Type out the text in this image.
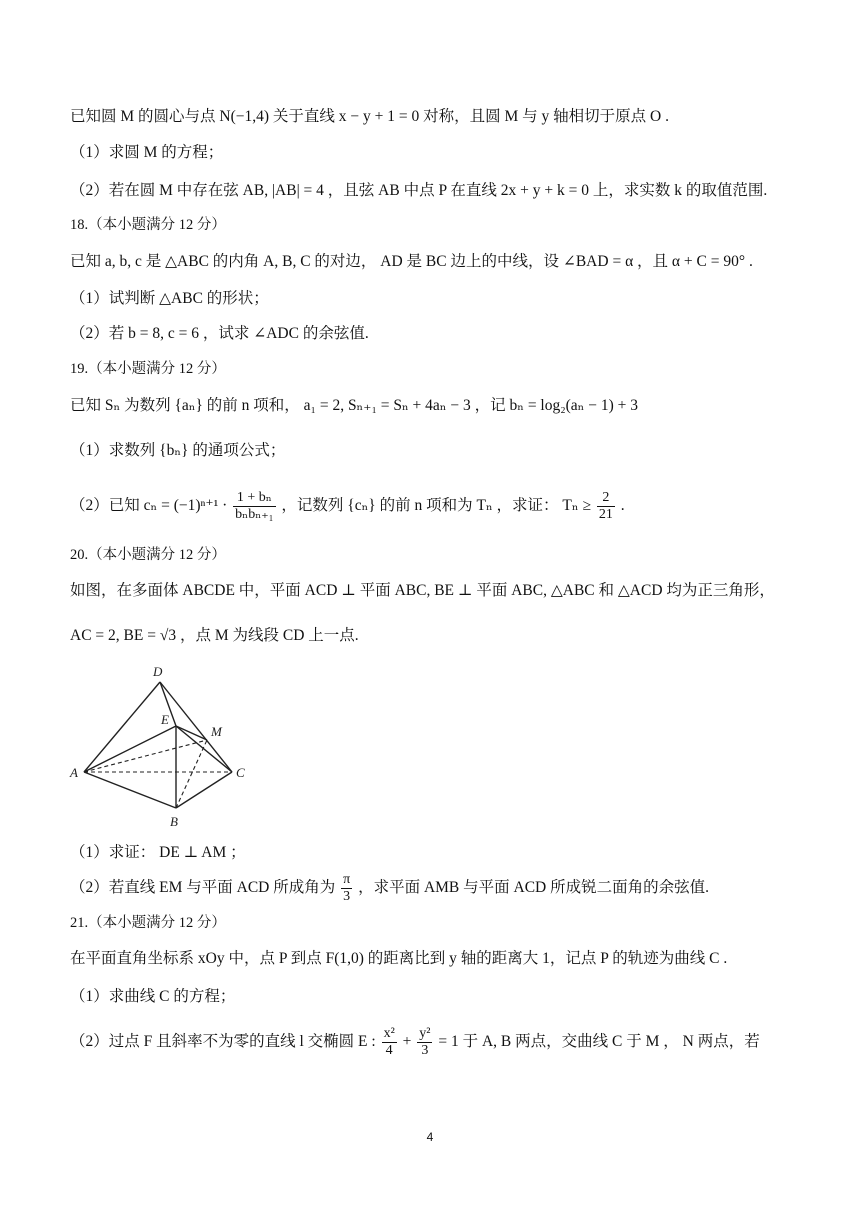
已知圆 M 的圆心与点 N(−1,4) 关于直线 x − y + 1 = 0 对称，且圆 M 与 y 轴相切于原点 O .
（1）求圆 M 的方程；
（2）若在圆 M 中存在弦 AB, |AB| = 4 ，且弦 AB 中点 P 在直线 2x + y + k = 0 上，求实数 k 的取值范围.
18.（本小题满分 12 分）
已知 a, b, c 是 △ABC 的内角 A, B, C 的对边， AD 是 BC 边上的中线，设 ∠BAD = α ，且 α + C = 90° .
（1）试判断 △ABC 的形状；
（2）若 b = 8, c = 6 ，试求 ∠ADC 的余弦值.
19.（本小题满分 12 分）
已知 Sₙ 为数列 {aₙ} 的前 n 项和， a₁ = 2, Sₙ₊₁ = Sₙ + 4aₙ − 3 ，记 bₙ = log₂(aₙ − 1) + 3
（1）求数列 {bₙ} 的通项公式；
（2）已知 $c_n = (-1)^{n+1} \cdot \frac{\text{1 + bₙ}}{\text{bₙbₙ₊₁}}$ ，记数列 {cₙ} 的前 n 项和为 Tₙ ，求证： $T_n \ge \frac{2}{21}$ .
20.（本小题满分 12 分）
如图，在多面体 ABCDE 中，平面 ACD ⊥ 平面 ABC, BE ⊥ 平面 ABC, △ABC 和 △ACD 均为正三角形，
AC = 2, BE = √3 ，点 M 为线段 CD 上一点.
D
E
M
A	C
B
（1）求证： DE ⊥ AM ；
（2）若直线 EM 与平面 ACD 所成角为 $\frac{\pi}{3}$ ，求平面 AMB 与平面 ACD 所成锐二面角的余弦值.
21.（本小题满分 12 分）
在平面直角坐标系 xOy 中，点 P 到点 F(1,0) 的距离比到 y 轴的距离大 1，记点 P 的轨迹为曲线 C .
（1）求曲线 C 的方程；
（2）过点 F 且斜率不为零的直线 l 交椭圆 E : $\frac{\text{x²}}{4} + \frac{\text{y²}}{3} = 1$ 于 A, B 两点，交曲线 C 于 M ， N 两点，若
4
